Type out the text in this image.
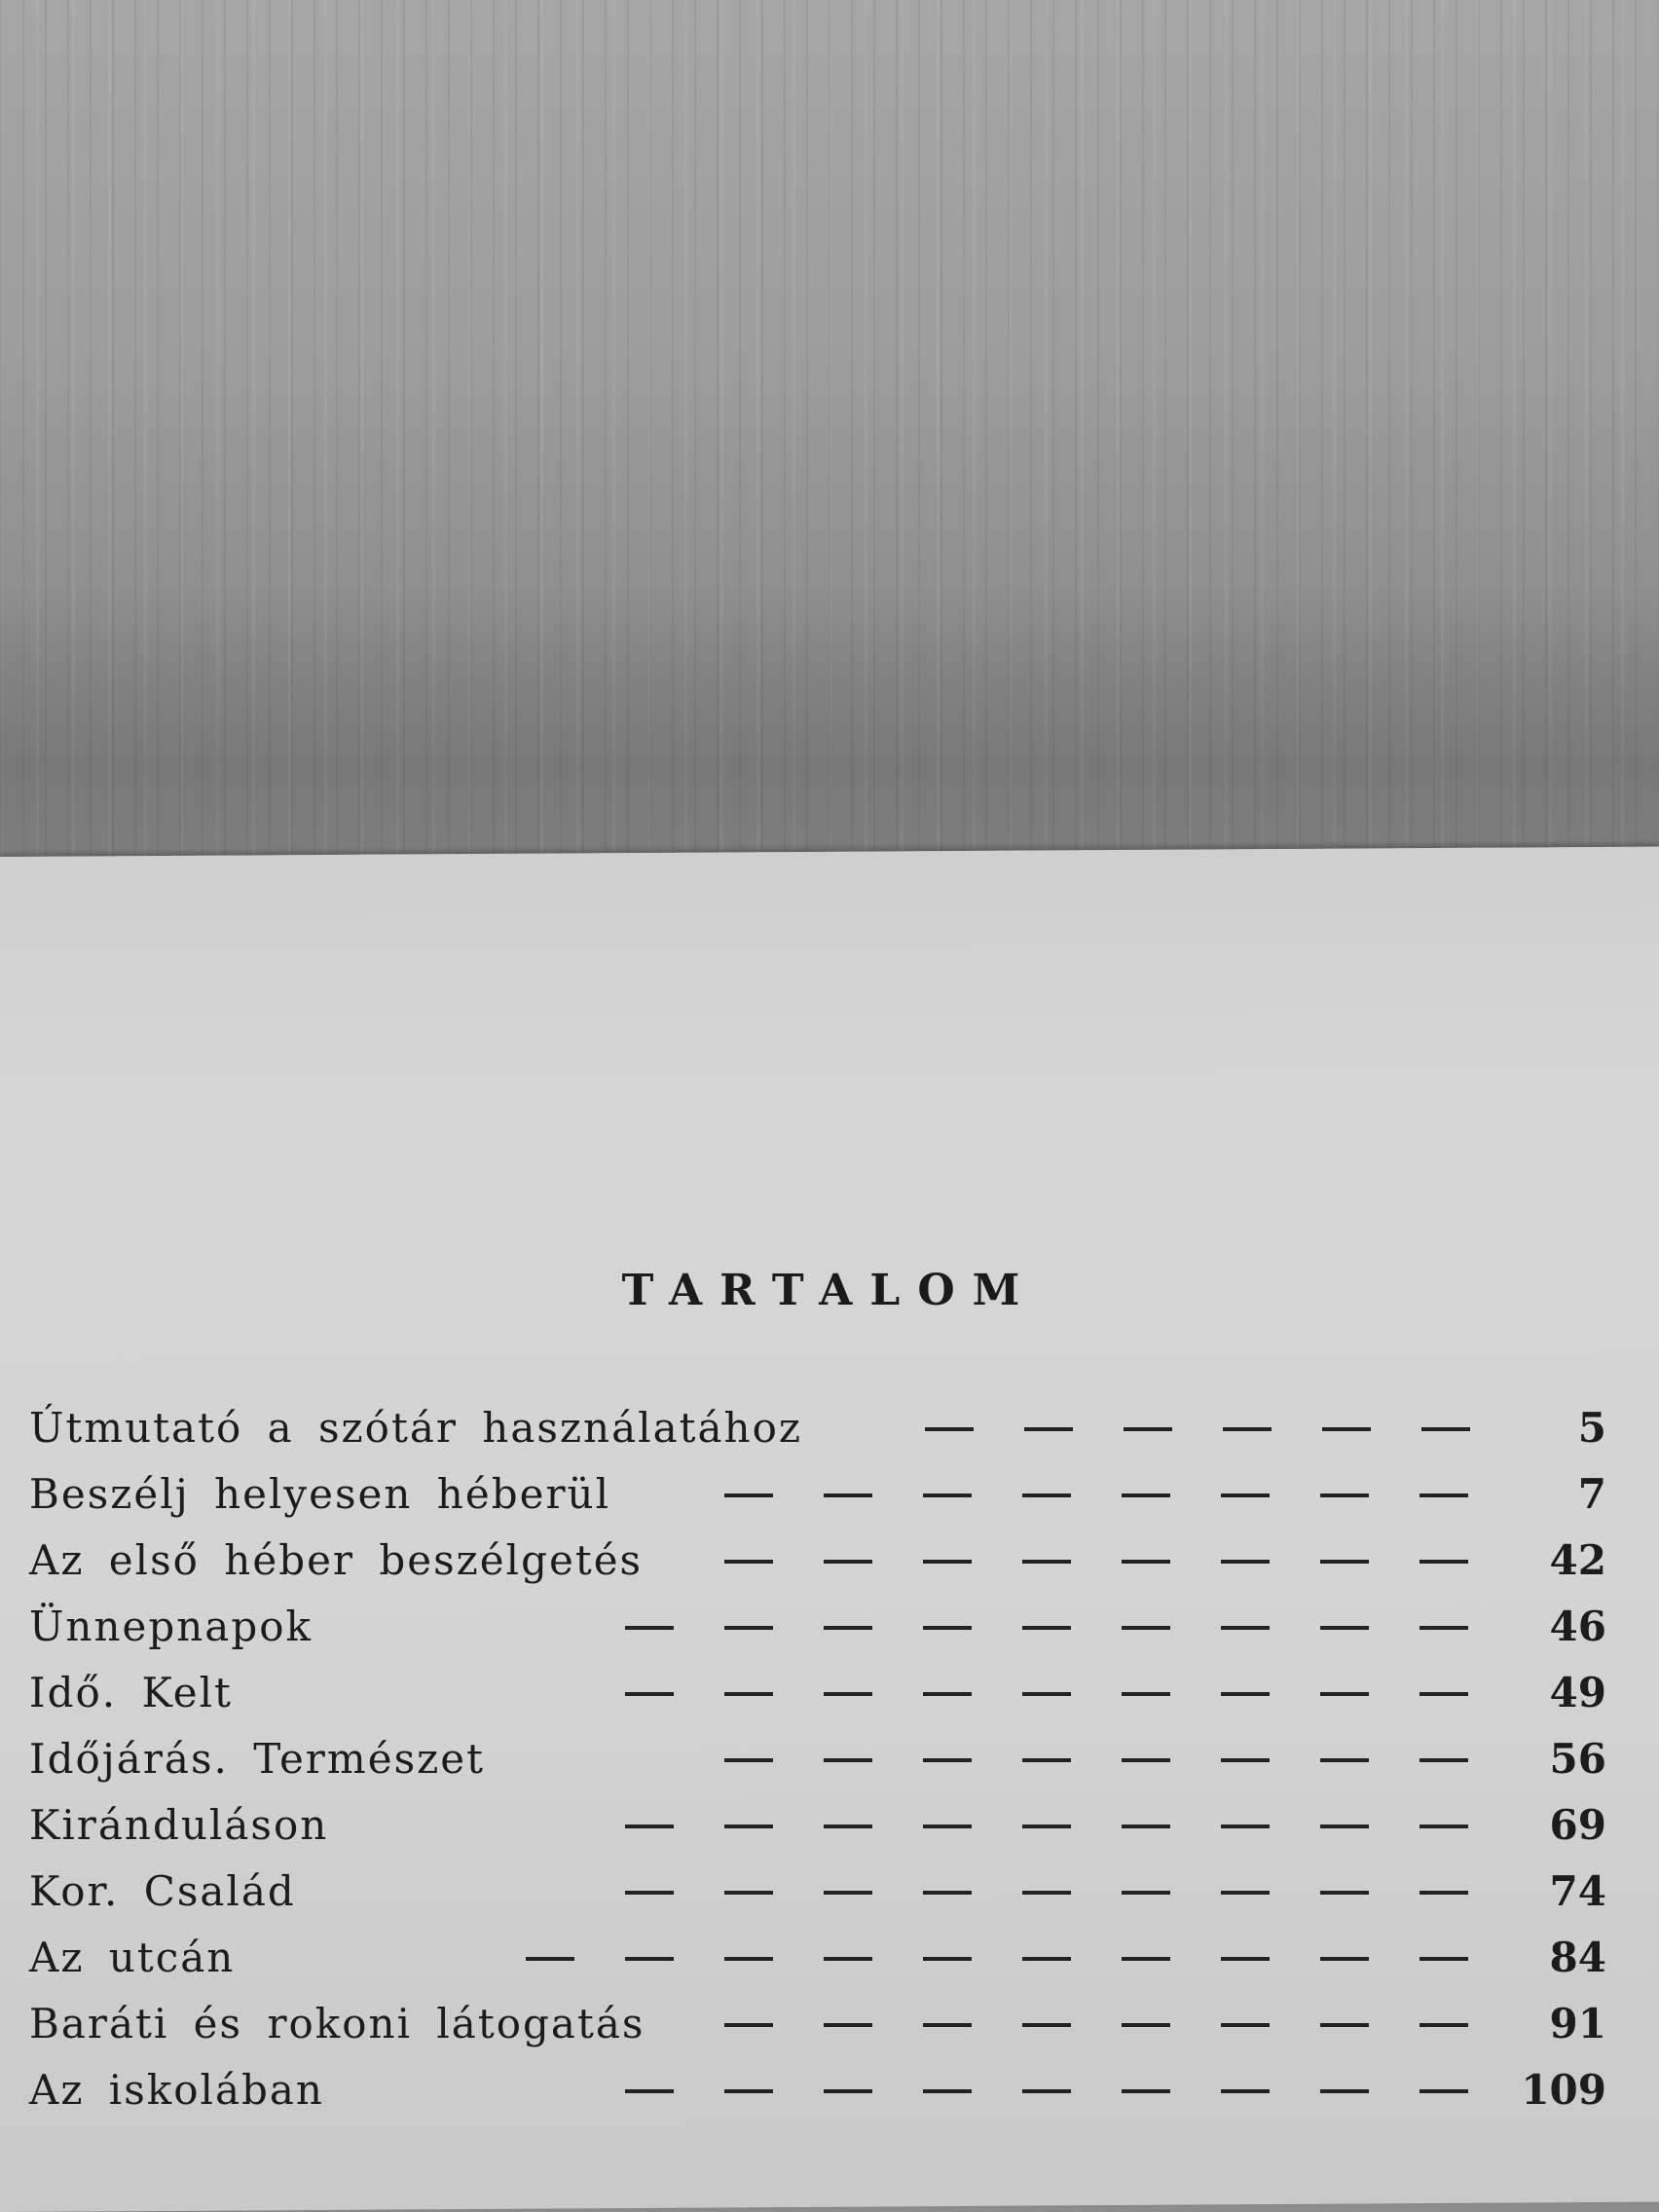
TARTALOM
Útmutató a szótár használatához	5
Beszélj helyesen héberül	7
Az első héber beszélgetés	42
Ünnepnapok	46
Idő. Kelt	49
Időjárás. Természet	56
Kiránduláson	69
Kor. Család	74
Az utcán	84
Baráti és rokoni látogatás	91
Az iskolában	109
